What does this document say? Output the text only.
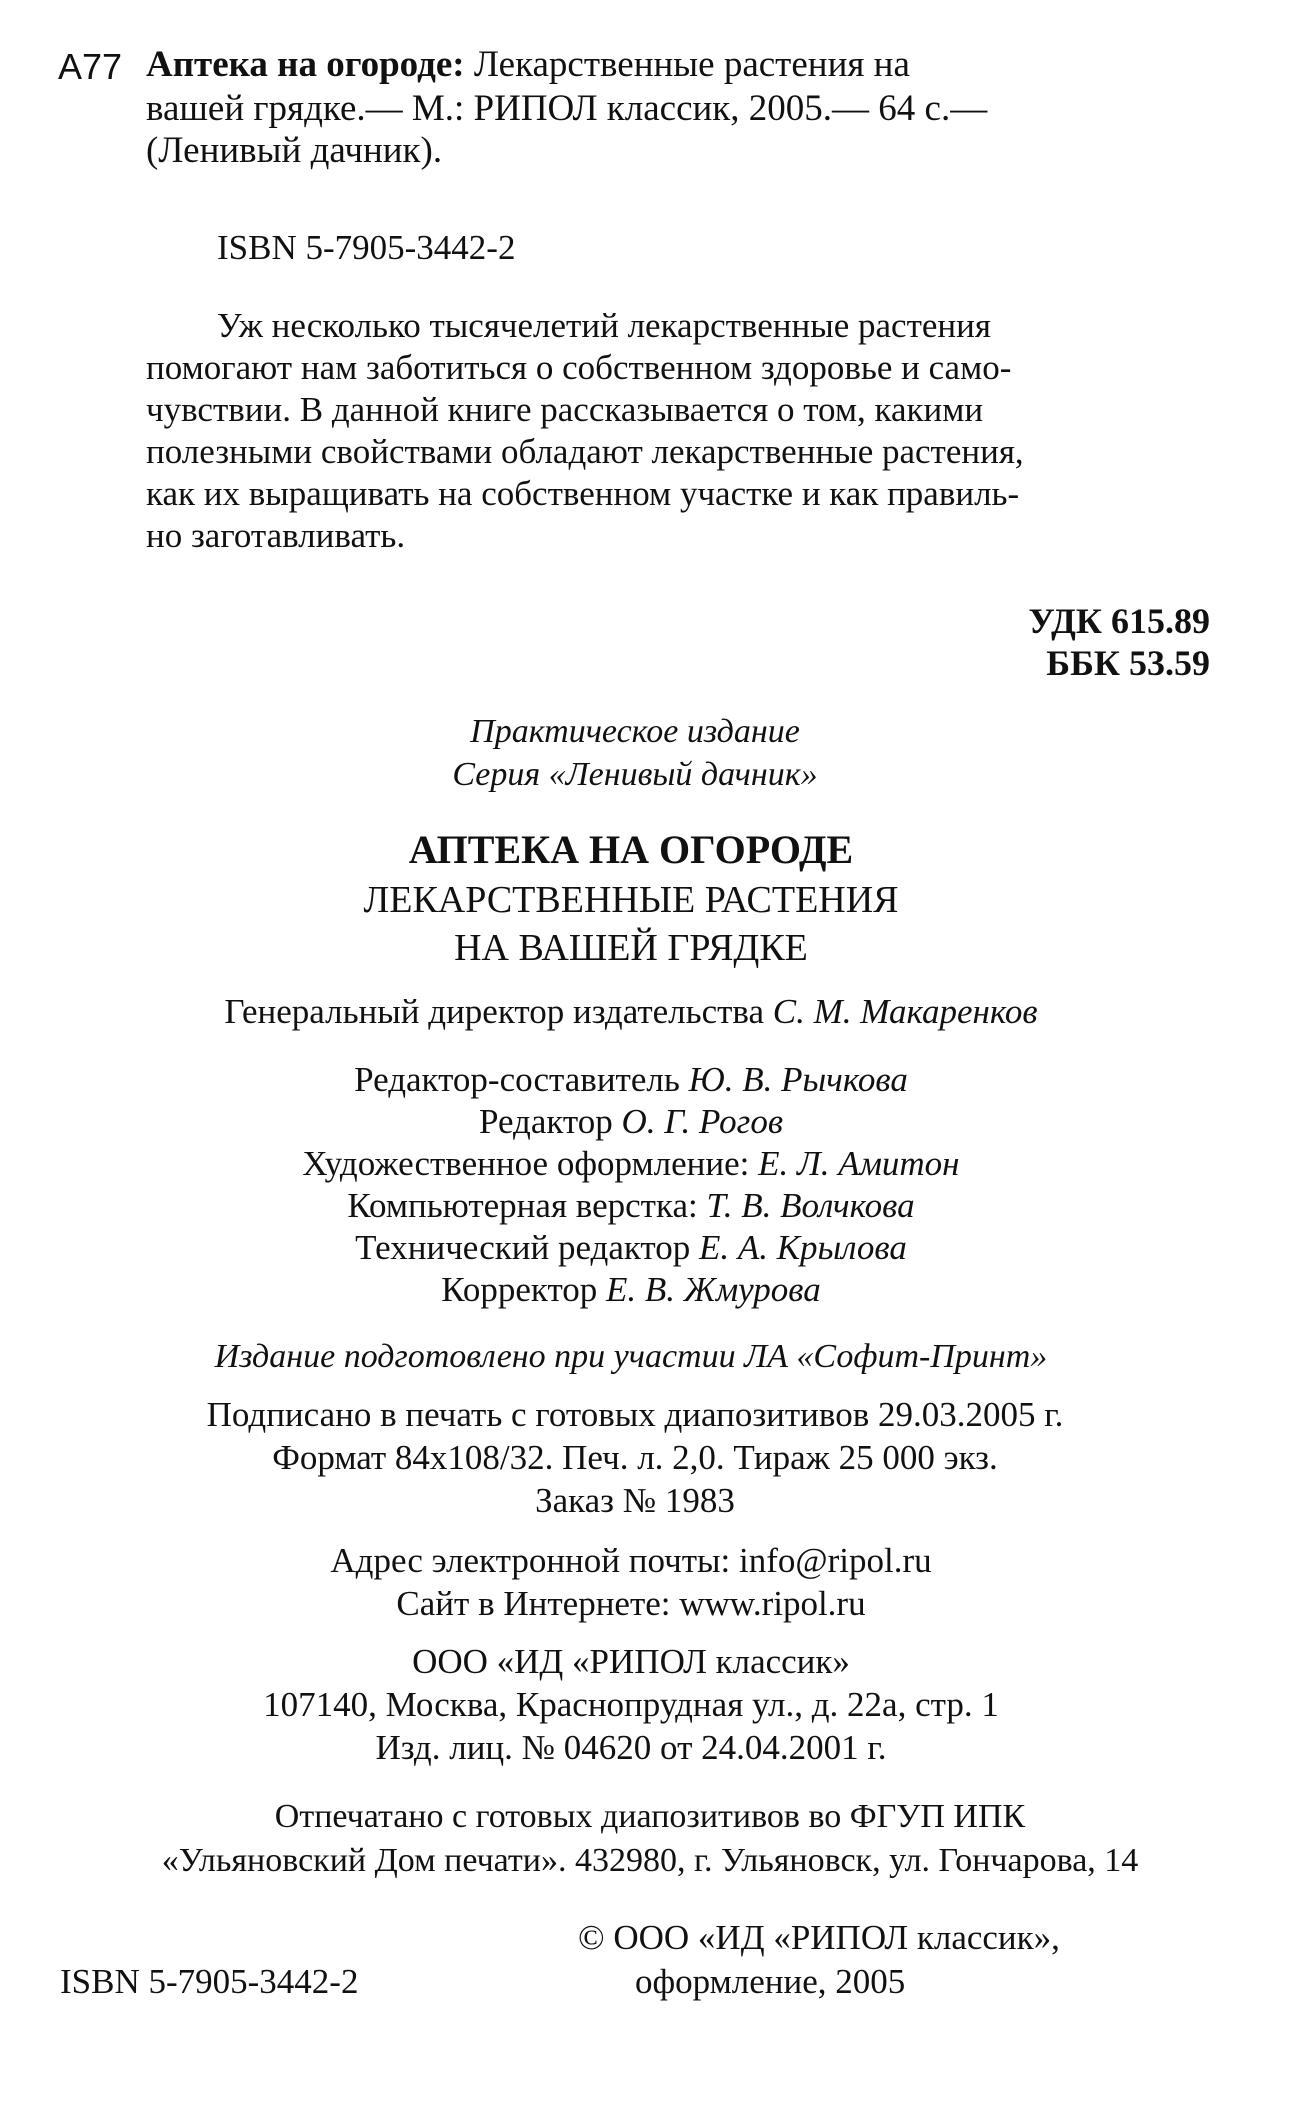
А77 Аптека на огороде: Лекарственные растения на
вашей грядке.— М.: РИПОЛ классик, 2005.— 64 с.—
(Ленивый дачник).
ISBN 5-7905-3442-2
Уж несколько тысячелетий лекарственные растения
помогают нам заботиться о собственном здоровье и само-
чувствии. В данной книге рассказывается о том, какими
полезными свойствами обладают лекарственные растения,
как их выращивать на собственном участке и как правиль-
но заготавливать.
УДК 615.89
ББК 53.59
Практическое издание
Серия «Ленивый дачник»
АПТЕКА НА ОГОРОДЕ
ЛЕКАРСТВЕННЫЕ РАСТЕНИЯ
НА ВАШЕЙ ГРЯДКЕ
Генеральный директор издательства С. М. Макаренков
Редактор-составитель Ю. В. Рычкова
Редактор О. Г. Рогов
Художественное оформление: Е. Л. Амитон
Компьютерная верстка: Т. В. Волчкова
Технический редактор Е. А. Крылова
Корректор Е. В. Жмурова
Издание подготовлено при участии ЛА «Софит-Принт»
Подписано в печать с готовых диапозитивов 29.03.2005 г.
Формат 84x108/32. Печ. л. 2,0. Тираж 25 000 экз.
Заказ № 1983
Адрес электронной почты: info@ripol.ru
Сайт в Интернете: www.ripol.ru
ООО «ИД «РИПОЛ классик»
107140, Москва, Краснопрудная ул., д. 22а, стр. 1
Изд. лиц. № 04620 от 24.04.2001 г.
Отпечатано с готовых диапозитивов во ФГУП ИПК
«Ульяновский Дом печати». 432980, г. Ульяновск, ул. Гончарова, 14
ISBN 5-7905-3442-2
© ООО «ИД «РИПОЛ классик»,
оформление, 2005
